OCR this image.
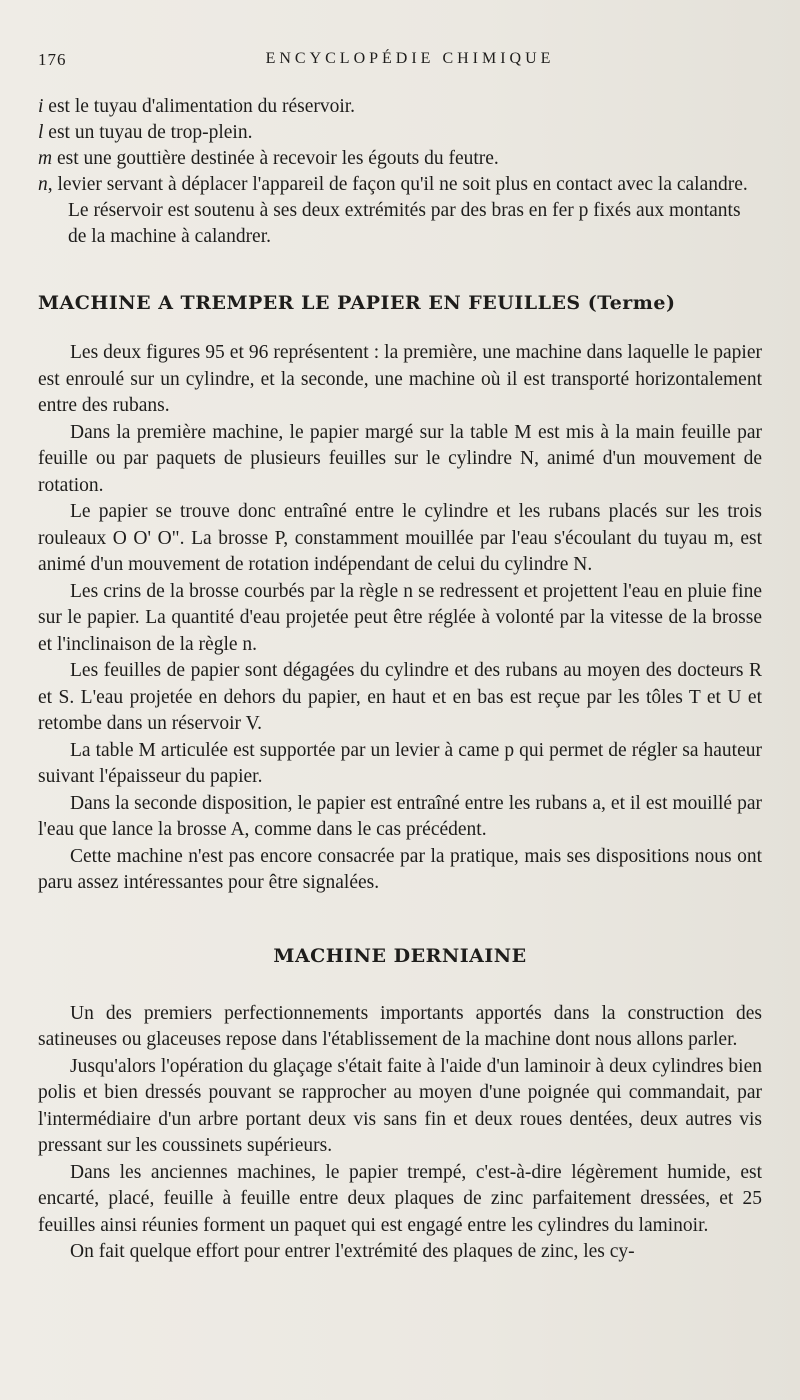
176	ENCYCLOPÉDIE CHIMIQUE

i est le tuyau d'alimentation du réservoir.

l est un tuyau de trop-plein.

m est une gouttière destinée à recevoir les égouts du feutre.

n, levier servant à déplacer l'appareil de façon qu'il ne soit plus en contact avec la calandre. Le réservoir est soutenu à ses deux extrémités par des bras en fer p fixés aux montants de la machine à calandrer.

MACHINE A TREMPER LE PAPIER EN FEUILLES (Terme)

Les deux figures 95 et 96 représentent : la première, une machine dans laquelle le papier est enroulé sur un cylindre, et la seconde, une machine où il est transporté horizontalement entre des rubans.

Dans la première machine, le papier margé sur la table M est mis à la main feuille par feuille ou par paquets de plusieurs feuilles sur le cylindre N, animé d'un mouvement de rotation.

Le papier se trouve donc entraîné entre le cylindre et les rubans placés sur les trois rouleaux O O' O". La brosse P, constamment mouillée par l'eau s'écoulant du tuyau m, est animé d'un mouvement de rotation indépendant de celui du cylindre N.

Les crins de la brosse courbés par la règle n se redressent et projettent l'eau en pluie fine sur le papier. La quantité d'eau projetée peut être réglée à volonté par la vitesse de la brosse et l'inclinaison de la règle n.

Les feuilles de papier sont dégagées du cylindre et des rubans au moyen des docteurs R et S. L'eau projetée en dehors du papier, en haut et en bas est reçue par les tôles T et U et retombe dans un réservoir V.

La table M articulée est supportée par un levier à came p qui permet de régler sa hauteur suivant l'épaisseur du papier.

Dans la seconde disposition, le papier est entraîné entre les rubans a, et il est mouillé par l'eau que lance la brosse A, comme dans le cas précédent.

Cette machine n'est pas encore consacrée par la pratique, mais ses dispositions nous ont paru assez intéressantes pour être signalées.

MACHINE DERNIAINE

Un des premiers perfectionnements importants apportés dans la construction des satineuses ou glaceuses repose dans l'établissement de la machine dont nous allons parler.

Jusqu'alors l'opération du glaçage s'était faite à l'aide d'un laminoir à deux cylindres bien polis et bien dressés pouvant se rapprocher au moyen d'une poignée qui commandait, par l'intermédiaire d'un arbre portant deux vis sans fin et deux roues dentées, deux autres vis pressant sur les coussinets supérieurs.

Dans les anciennes machines, le papier trempé, c'est-à-dire légèrement humide, est encarté, placé, feuille à feuille entre deux plaques de zinc parfaitement dressées, et 25 feuilles ainsi réunies forment un paquet qui est engagé entre les cylindres du laminoir.

On fait quelque effort pour entrer l'extrémité des plaques de zinc, les cy-
